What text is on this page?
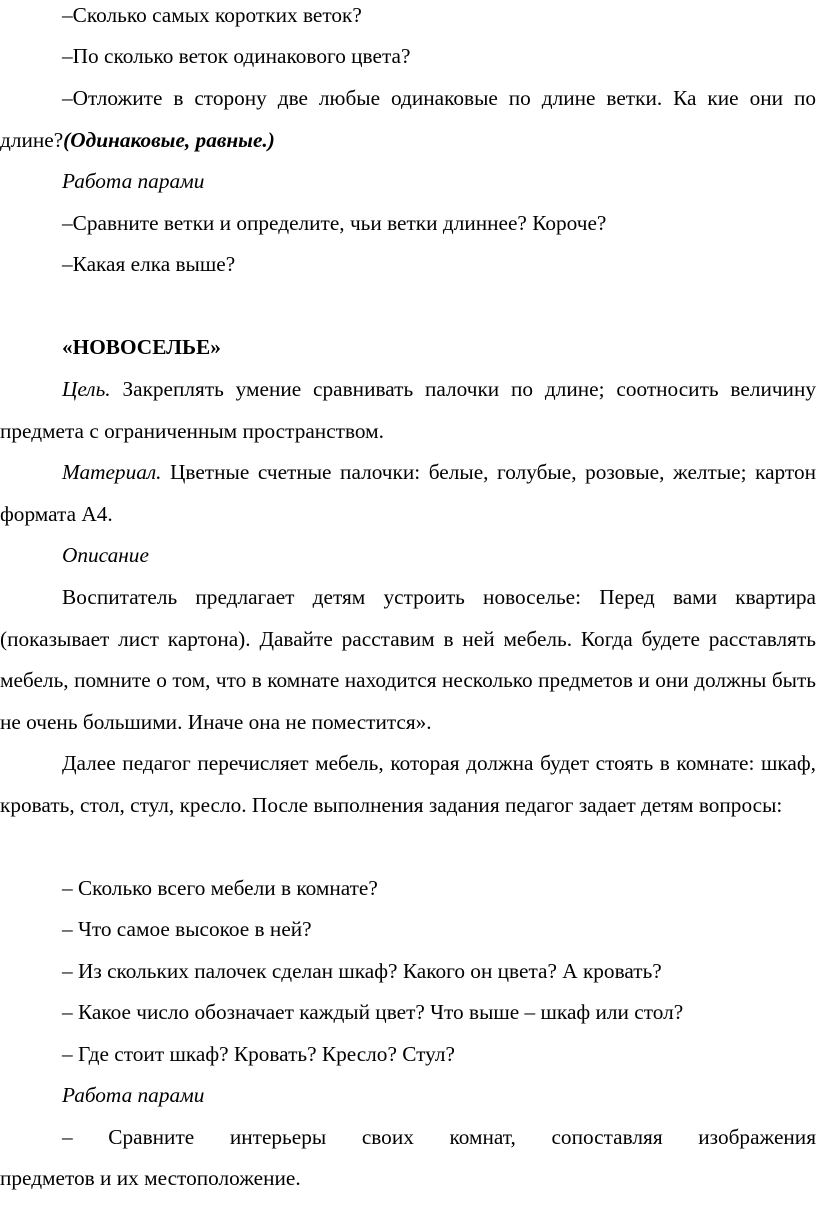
–Сколько самых коротких веток?

–По сколько веток одинакового цвета?

–Отложите в сторону две любые одинаковые по длине ветки. Ка кие они по длине?(Одинаковые, равные.)

Работа парами

–Сравните ветки и определите, чьи ветки длиннее? Короче?

–Какая елка выше?

«НОВОСЕЛЬЕ»

Цель. Закреплять умение сравнивать палочки по длине; соотносить величину предмета с ограниченным пространством.

Материал. Цветные счетные палочки: белые, голубые, розовые, желтые; картон формата А4.

Описание

Воспитатель предлагает детям устроить новоселье: Перед вами квартира (показывает лист картона). Давайте расставим в ней мебель. Когда будете расставлять мебель, помните о том, что в комнате находится несколько предметов и они должны быть не очень большими. Иначе она не поместится».

Далее педагог перечисляет мебель, которая должна будет стоять в комнате: шкаф, кровать, стол, стул, кресло. После выполнения задания педагог задает детям вопросы:

– Сколько всего мебели в комнате?

– Что самое высокое в ней?

– Из скольких палочек сделан шкаф? Какого он цвета? А кровать?

– Какое число обозначает каждый цвет? Что выше – шкаф или стол?

– Где стоит шкаф? Кровать? Кресло? Стул?

Работа парами

– Сравните интерьеры своих комнат, сопоставляя изображения

предметов и их местоположение.
